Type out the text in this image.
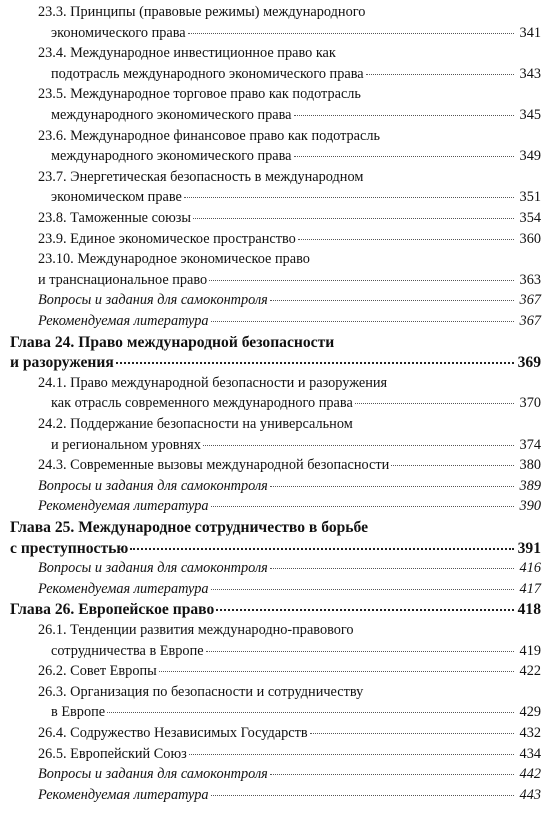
23.3. Принципы (правовые режимы) международного
экономического права	341
23.4. Международное инвестиционное право как
подотрасль международного экономического права	343
23.5. Международное торговое право как подотрасль
международного экономического права	345
23.6. Международное финансовое право как подотрасль
международного экономического права	349
23.7. Энергетическая безопасность в международном
экономическом праве	351
23.8. Таможенные союзы	354
23.9. Единое экономическое пространство	360
23.10. Международное экономическое право
и транснациональное право	363
Вопросы и задания для самоконтроля	367
Рекомендуемая литература	367
Глава 24. Право международной безопасности
и разоружения	369
24.1. Право международной безопасности и разоружения
как отрасль современного международного права	370
24.2. Поддержание безопасности на универсальном
и региональном уровнях	374
24.3. Современные вызовы международной безопасности	380
Вопросы и задания для самоконтроля	389
Рекомендуемая литература	390
Глава 25. Международное сотрудничество в борьбе
с преступностью	391
Вопросы и задания для самоконтроля	416
Рекомендуемая литература	417
Глава 26. Европейское право	418
26.1. Тенденции развития международно-правового
сотрудничества в Европе	419
26.2. Совет Европы	422
26.3. Организация по безопасности и сотрудничеству
в Европе	429
26.4. Содружество Независимых Государств	432
26.5. Европейский Союз	434
Вопросы и задания для самоконтроля	442
Рекомендуемая литература	443
